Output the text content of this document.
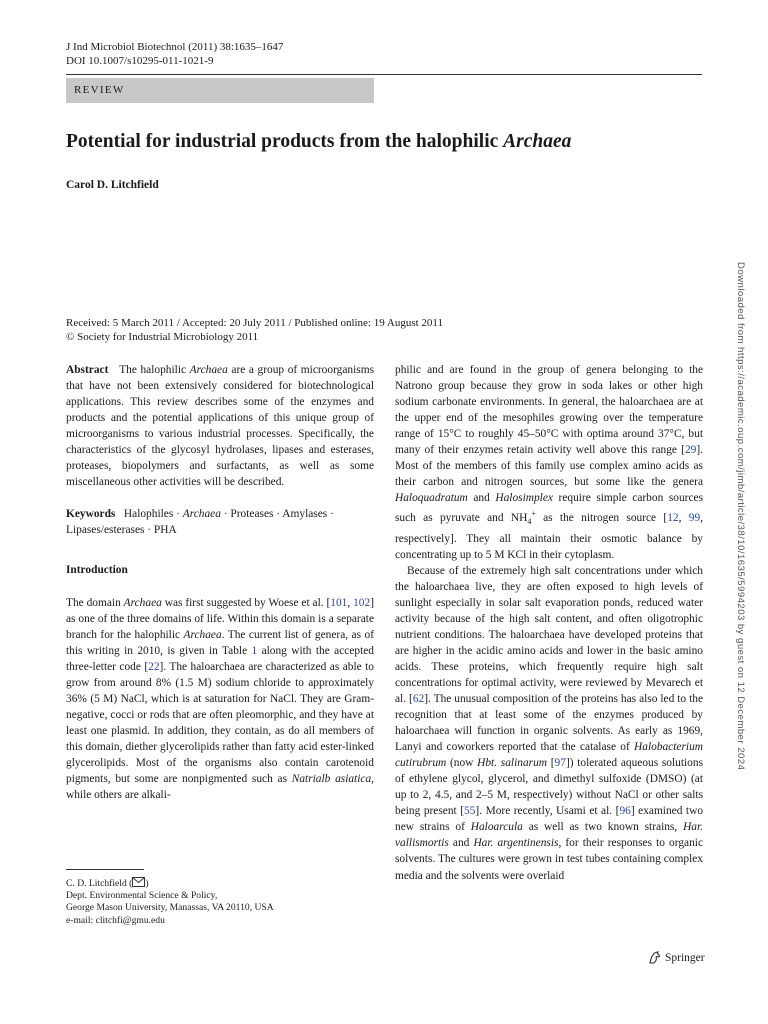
J Ind Microbiol Biotechnol (2011) 38:1635–1647
DOI 10.1007/s10295-011-1021-9
REVIEW
Potential for industrial products from the halophilic Archaea
Carol D. Litchfield
Received: 5 March 2011 / Accepted: 20 July 2011 / Published online: 19 August 2011
© Society for Industrial Microbiology 2011

Abstract The halophilic Archaea are a group of microorganisms that have not been extensively considered for biotechnological applications. This review describes some of the enzymes and products and the potential applications of this unique group of microorganisms to various industrial processes. Specifically, the characteristics of the glycosyl hydrolases, lipases and esterases, proteases, biopolymers and surfactants, as well as some miscellaneous other activities will be described.

Keywords Halophiles · Archaea · Proteases · Amylases · Lipases/esterases · PHA

Introduction

The domain Archaea was first suggested by Woese et al. [101, 102] as one of the three domains of life. Within this domain is a separate branch for the halophilic Archaea. The current list of genera, as of this writing in 2010, is given in Table 1 along with the accepted three-letter code [22]. The haloarchaea are characterized as able to grow from around 8% (1.5 M) sodium chloride to approximately 36% (5 M) NaCl, which is at saturation for NaCl. They are Gram-negative, cocci or rods that are often pleomorphic, and they have at least one plasmid. In addition, they contain, as do all members of this domain, diether glycerolipids rather than fatty acid ester-linked glycerolipids. Most of the organisms also contain carotenoid pigments, but some are nonpigmented such as Natrialb asiatica, while others are alkali-

philic and are found in the group of genera belonging to the Natrono group because they grow in soda lakes or other high sodium carbonate environments. In general, the haloarchaea are at the upper end of the mesophiles growing over the temperature range of 15°C to roughly 45–50°C with optima around 37°C, but many of their enzymes retain activity well above this range [29]. Most of the members of this family use complex amino acids as their carbon and nitrogen sources, but some like the genera Haloquadratum and Halosimplex require simple carbon sources such as pyruvate and $NH_4^+$ as the nitrogen source [12, 99, respectively]. They all maintain their osmotic balance by concentrating up to 5 M KCl in their cytoplasm.

Because of the extremely high salt concentrations under which the haloarchaea live, they are often exposed to high levels of sunlight especially in solar salt evaporation ponds, reduced water activity because of the high salt content, and often oligotrophic nutrient conditions. The haloarchaea have developed proteins that are higher in the acidic amino acids and lower in the basic amino acids. These proteins, which frequently require high salt concentrations for optimal activity, were reviewed by Mevarech et al. [62]. The unusual composition of the proteins has also led to the recognition that at least some of the enzymes produced by haloarchaea will function in organic solvents. As early as 1969, Lanyi and coworkers reported that the catalase of Halobacterium cutirubrum (now Hbt. salinarum [97]) tolerated aqueous solutions of ethylene glycol, glycerol, and dimethyl sulfoxide (DMSO) (at up to 2, 4.5, and 2–5 M, respectively) without NaCl or other salts being present [55]. More recently, Usami et al. [96] examined two new strains of Haloarcula as well as two known strains, Har. vallismortis and Har. argentinensis, for their responses to organic solvents. The cultures were grown in test tubes containing complex media and the solvents were overlaid

C. D. Litchfield ( )
Dept. Environmental Science & Policy,
George Mason University, Manassas, VA 20110, USA
e-mail: clitchfi@gmu.edu
Springer
Downloaded from https://academic.oup.com/jimb/article/38/10/1635/5994203 by guest on 12 December 2024
